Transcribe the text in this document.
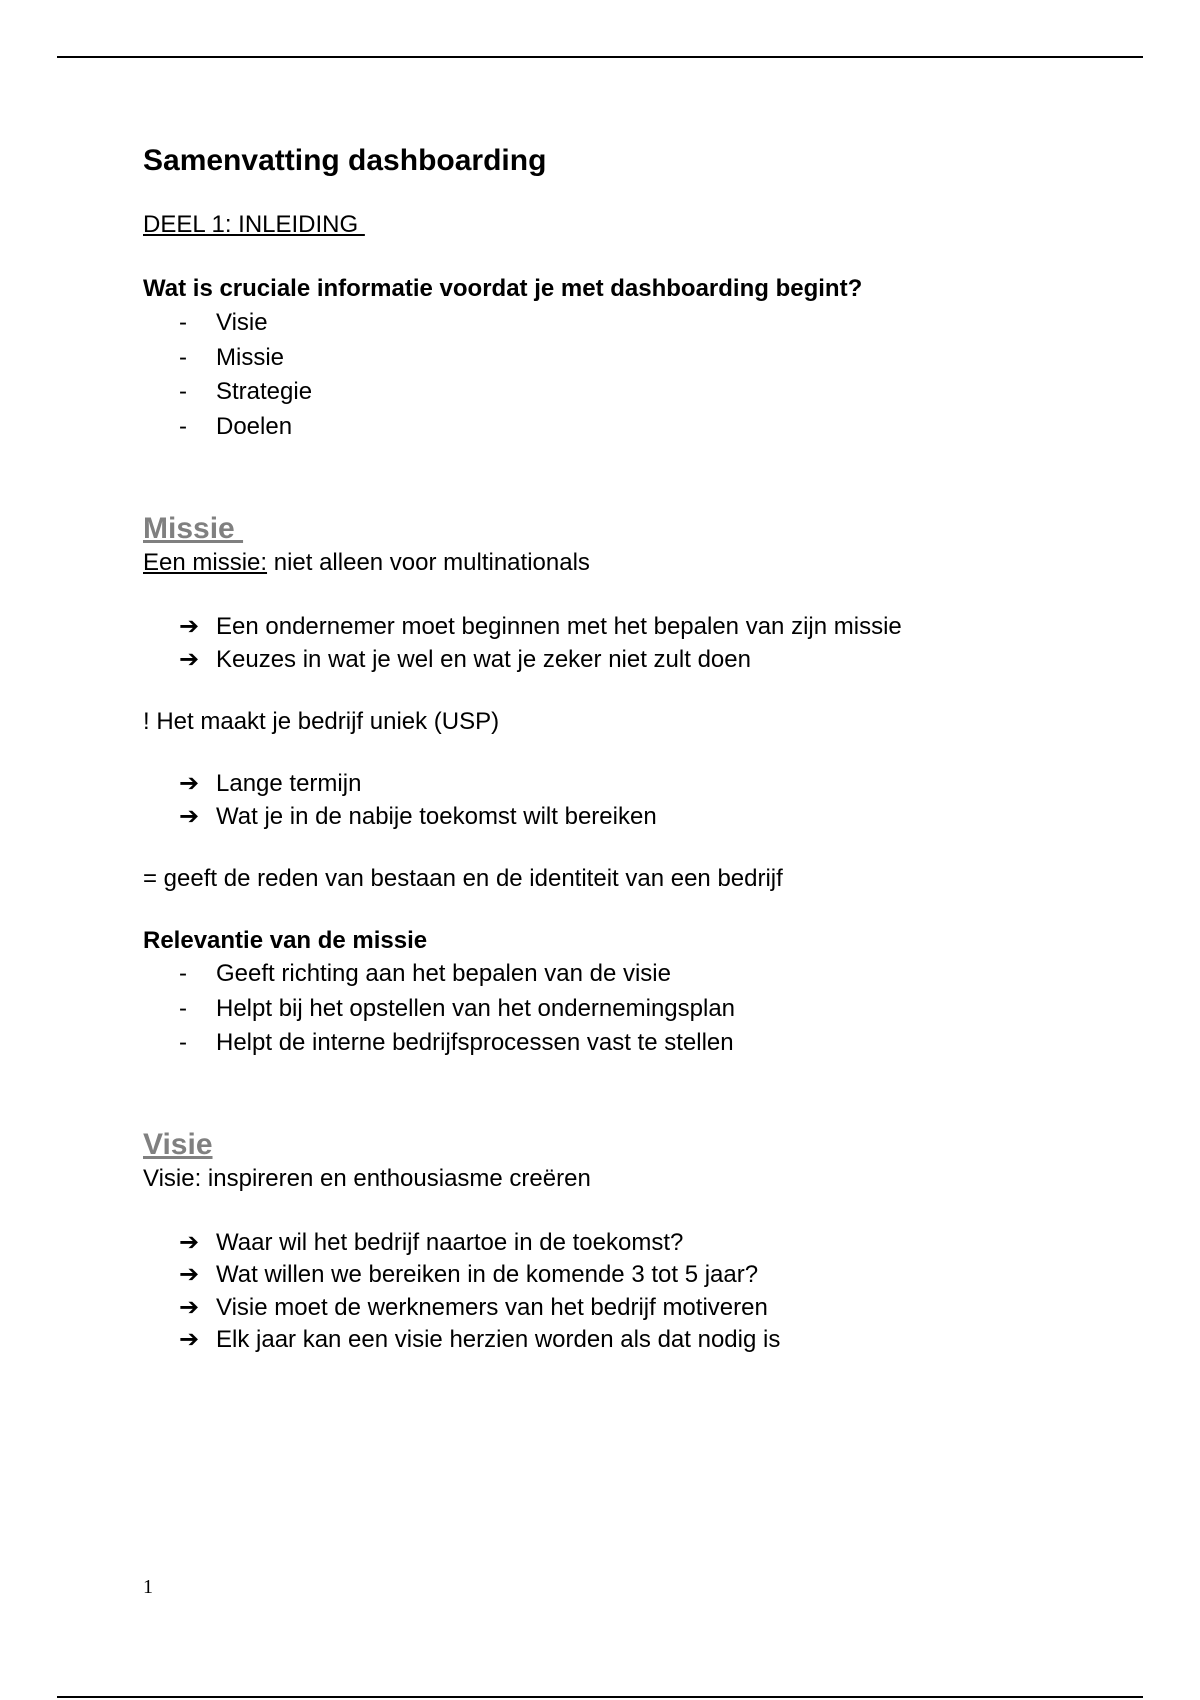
Samenvatting dashboarding
DEEL 1: INLEIDING
Wat is cruciale informatie voordat je met dashboarding begint?
- Visie
- Missie
- Strategie
- Doelen
Missie
Een missie: niet alleen voor multinationals
➔ Een ondernemer moet beginnen met het bepalen van zijn missie
➔ Keuzes in wat je wel en wat je zeker niet zult doen
! Het maakt je bedrijf uniek (USP)
➔ Lange termijn
➔ Wat je in de nabije toekomst wilt bereiken
= geeft de reden van bestaan en de identiteit van een bedrijf
Relevantie van de missie
- Geeft richting aan het bepalen van de visie
- Helpt bij het opstellen van het ondernemingsplan
- Helpt de interne bedrijfsprocessen vast te stellen
Visie
Visie: inspireren en enthousiasme creëren
➔ Waar wil het bedrijf naartoe in de toekomst?
➔ Wat willen we bereiken in de komende 3 tot 5 jaar?
➔ Visie moet de werknemers van het bedrijf motiveren
➔ Elk jaar kan een visie herzien worden als dat nodig is
1
